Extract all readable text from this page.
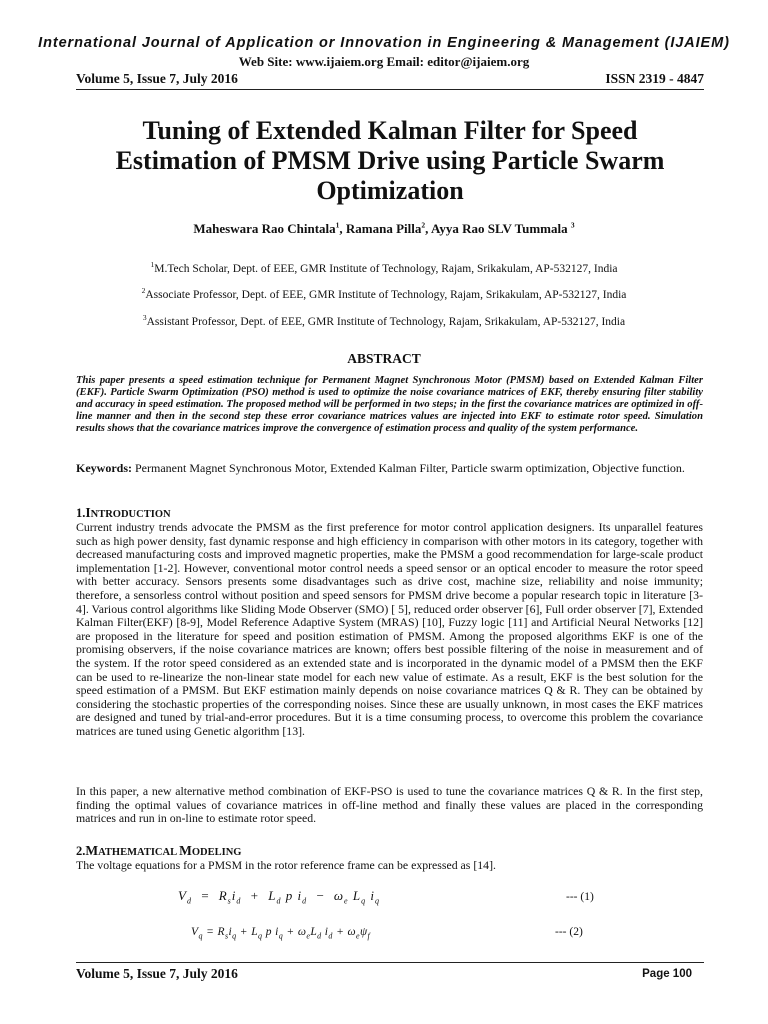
International Journal of Application or Innovation in Engineering & Management (IJAIEM)
Web Site: www.ijaiem.org Email: editor@ijaiem.org
Volume 5, Issue 7, July 2016	ISSN 2319 - 4847
Tuning of Extended Kalman Filter for Speed Estimation of PMSM Drive using Particle Swarm Optimization
Maheswara Rao Chintala$^1$, Ramana Pilla$^2$, Ayya Rao SLV Tummala $^3$
$^1$M.Tech Scholar, Dept. of EEE, GMR Institute of Technology, Rajam, Srikakulam, AP-532127, India
$^2$Associate Professor, Dept. of EEE, GMR Institute of Technology, Rajam, Srikakulam, AP-532127, India
$^3$Assistant Professor, Dept. of EEE, GMR Institute of Technology, Rajam, Srikakulam, AP-532127, India
ABSTRACT
This paper presents a speed estimation technique for Permanent Magnet Synchronous Motor (PMSM) based on Extended Kalman Filter (EKF). Particle Swarm Optimization (PSO) method is used to optimize the noise covariance matrices of EKF, thereby ensuring filter stability and accuracy in speed estimation. The proposed method will be performed in two steps; in the first the covariance matrices are optimized in off-line manner and then in the second step these error covariance matrices values are injected into EKF to estimate rotor speed. Simulation results shows that the covariance matrices improve the convergence of estimation process and quality of the system performance.
Keywords: Permanent Magnet Synchronous Motor, Extended Kalman Filter, Particle swarm optimization, Objective function.
1.INTRODUCTION
Current industry trends advocate the PMSM as the first preference for motor control application designers. Its unparallel features such as high power density, fast dynamic response and high efficiency in comparison with other motors in its category, together with decreased manufacturing costs and improved magnetic properties, make the PMSM a good recommendation for large-scale product implementation [1-2]. However, conventional motor control needs a speed sensor or an optical encoder to measure the rotor speed with better accuracy. Sensors presents some disadvantages such as drive cost, machine size, reliability and noise immunity; therefore, a sensorless control without position and speed sensors for PMSM drive become a popular research topic in literature [3-4]. Various control algorithms like Sliding Mode Observer (SMO) [ 5], reduced order observer [6], Full order observer [7], Extended Kalman Filter(EKF) [8-9], Model Reference Adaptive System (MRAS) [10], Fuzzy logic [11] and Artificial Neural Networks [12] are proposed in the literature for speed and position estimation of PMSM. Among the proposed algorithms EKF is one of the promising observers, if the noise covariance matrices are known; offers best possible filtering of the noise in measurement and of the system. If the rotor speed considered as an extended state and is incorporated in the dynamic model of a PMSM then the EKF can be used to re-linearize the non-linear state model for each new value of estimate. As a result, EKF is the best solution for the speed estimation of a PMSM. But EKF estimation mainly depends on noise covariance matrices Q & R. They can be obtained by considering the stochastic properties of the corresponding noises. Since these are usually unknown, in most cases the EKF matrices are designed and tuned by trial-and-error procedures. But it is a time consuming process, to overcome this problem the covariance matrices are tuned using Genetic algorithm [13].
In this paper, a new alternative method combination of EKF-PSO is used to tune the covariance matrices Q & R. In the first step, finding the optimal values of covariance matrices in off-line method and finally these values are placed in the corresponding matrices and run in on-line to estimate rotor speed.
2.MATHEMATICAL MODELING
The voltage equations for a PMSM in the rotor reference frame can be expressed as [14].
$V_d = R_si_d + L_d$ p $i_d - \omega_e$ $L_q$ $i_q$	--- (1)
$V_q = R_si_q + L_q$ p $i_q + \omega_eL_d$ $i_d + \omega_e\psi_f$	--- (2)
Volume 5, Issue 7, July 2016	Page 100
